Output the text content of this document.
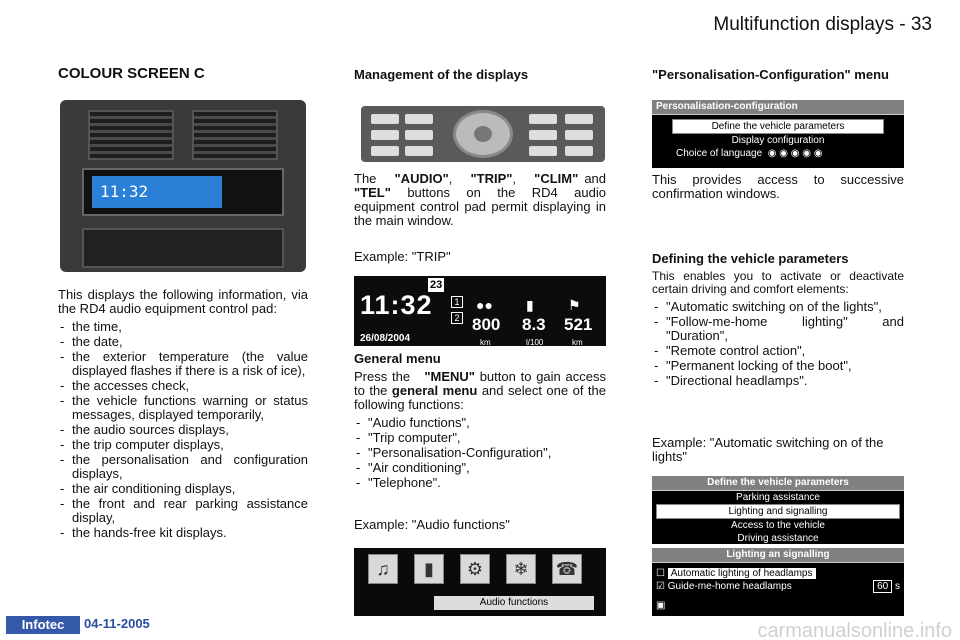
Multifunction displays - 33
COLOUR SCREEN C
11:32

This displays the following information, via the RD4 audio equipment control pad:

- the time,
- the date,
- the exterior temperature (the value displayed flashes if there is a risk of ice),
- the accesses check,
- the vehicle functions warning or status messages, displayed temporarily,
- the audio sources displays,
- the trip computer displays,
- the personalisation and configuration displays,
- the air conditioning displays,
- the front and rear parking assistance display,
- the hands-free kit displays.
Management of the displays

The "AUDIO", "TRIP", "CLIM" and "TEL" buttons on the RD4 audio equipment control pad permit displaying in the main window.

Example: "TRIP"

23
11:32
26/08/2004
1
2
●● ▮ ⚑
800 8.3 521
km	l/100	km
General menu

Press the "MENU" button to gain access to the general menu and select one of the following functions:

- "Audio functions",
- "Trip computer",
- "Personalisation-Configuration",
- "Air conditioning",
- "Telephone".

Example: "Audio functions"

♫	▮	⚙	❄	☎
Audio functions
"Personalisation-Configuration" menu
Personalisation-configuration
Define the vehicle parameters
Display configuration
Choice of language  ◉ ◉ ◉ ◉ ◉

This provides access to successive confirmation windows.

Defining the vehicle parameters

This enables you to activate or deactivate certain driving and comfort elements:

- "Automatic switching on of the lights",
- "Follow-me-home lighting" and "Duration",
- "Remote control action",
- "Permanent locking of the boot",
- "Directional headlamps".

Example: "Automatic switching on of the lights"

Define the vehicle parameters
Parking assistance
Lighting and signalling
Access to the vehicle
Driving assistance
Lighting an signalling
☐ Automatic lighting of headlamps
☑ Guide-me-home headlamps	60 s
▣
Infotec	04-11-2005	carmanualsonline.info
